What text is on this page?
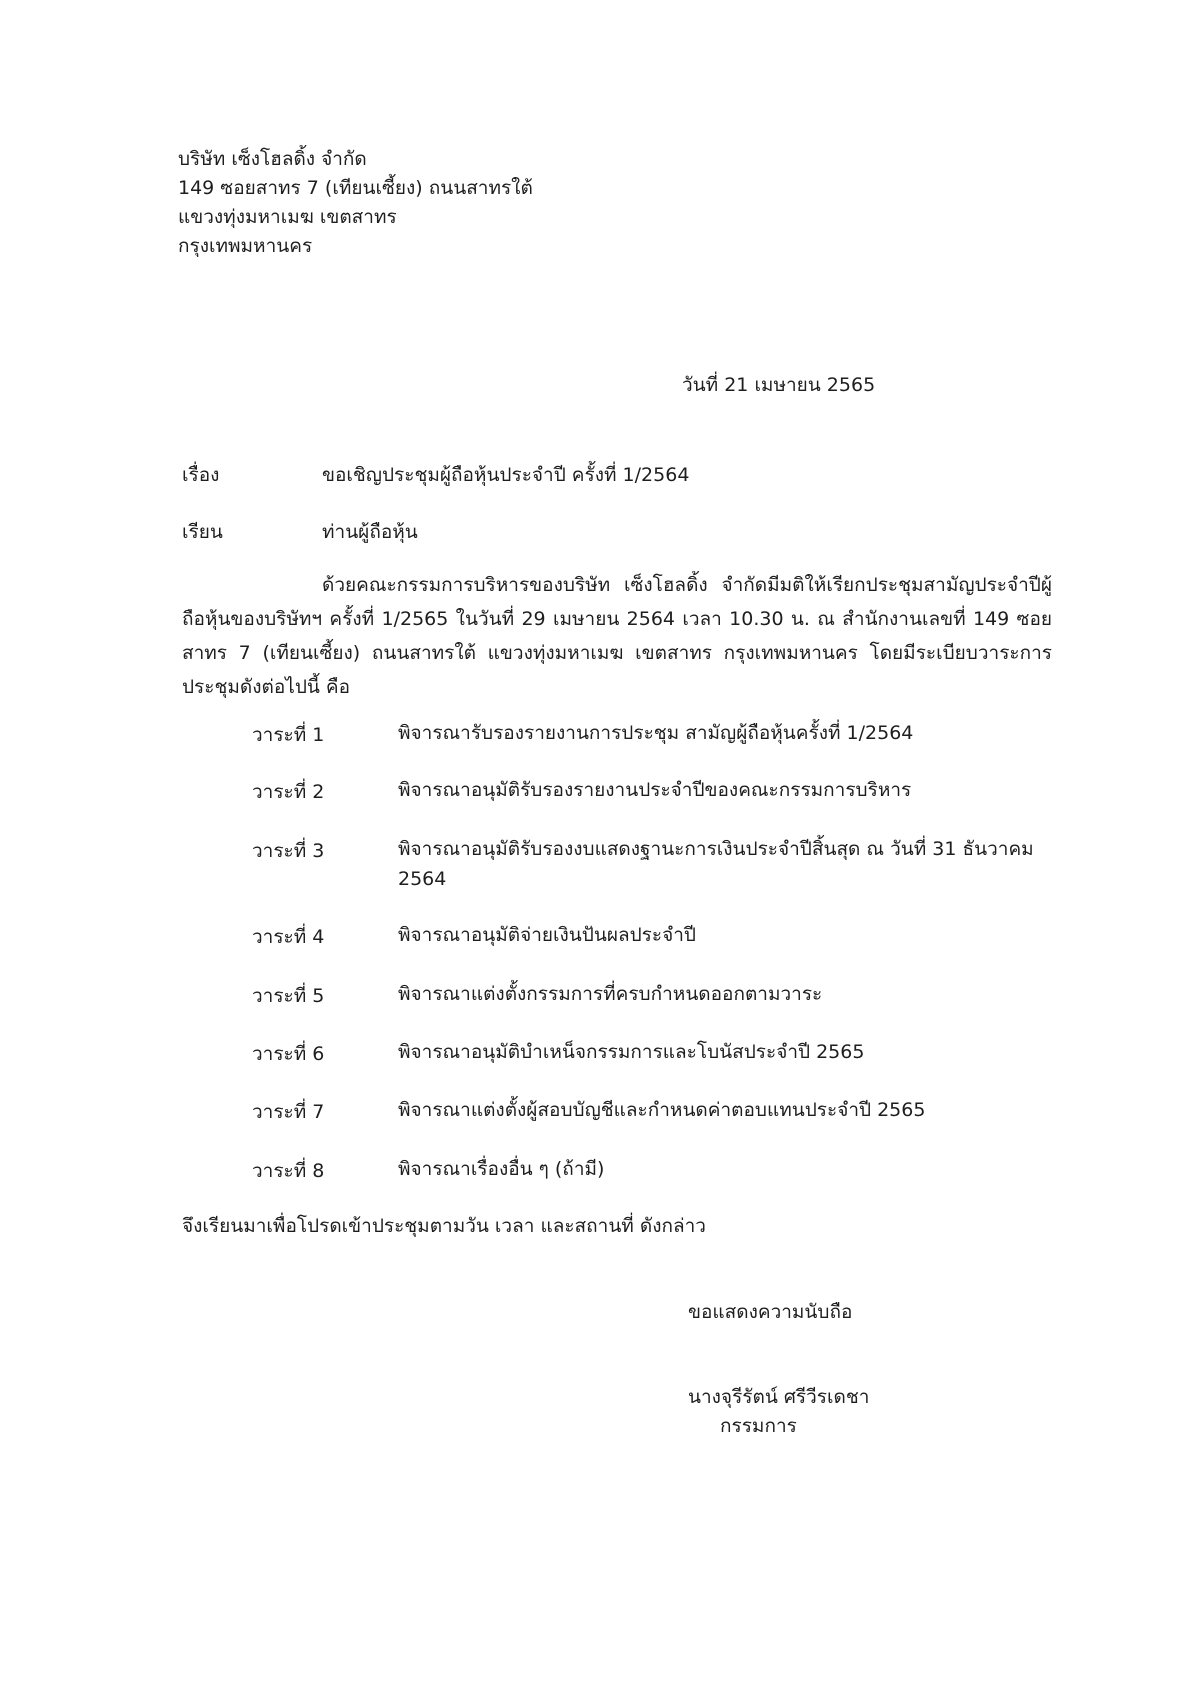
บริษัท เซ็งโฮลดิ้ง จำกัด
149 ซอยสาทร 7 (เทียนเซี้ยง) ถนนสาทรใต้
แขวงทุ่งมหาเมฆ เขตสาทร
กรุงเทพมหานคร
วันที่ 21 เมษายน 2565
เรื่อง	ขอเชิญประชุมผู้ถือหุ้นประจำปี ครั้งที่ 1/2564
เรียน	ท่านผู้ถือหุ้น
ด้วยคณะกรรมการบริหารของบริษัท เซ็งโฮลดิ้ง จำกัดมีมติให้เรียกประชุมสามัญประจำปีผู้ถือหุ้นของบริษัทฯ ครั้งที่ 1/2565 ในวันที่ 29 เมษายน 2564 เวลา 10.30 น. ณ สำนักงานเลขที่ 149 ซอยสาทร 7 (เทียนเซี้ยง) ถนนสาทรใต้ แขวงทุ่งมหาเมฆ เขตสาทร กรุงเทพมหานคร โดยมีระเบียบวาระการประชุมดังต่อไปนี้ คือ
วาระที่ 1	พิจารณารับรองรายงานการประชุม สามัญผู้ถือหุ้นครั้งที่ 1/2564
วาระที่ 2	พิจารณาอนุมัติรับรองรายงานประจำปีของคณะกรรมการบริหาร
วาระที่ 3	พิจารณาอนุมัติรับรองงบแสดงฐานะการเงินประจำปีสิ้นสุด ณ วันที่ 31 ธันวาคม 2564
วาระที่ 4	พิจารณาอนุมัติจ่ายเงินปันผลประจำปี
วาระที่ 5	พิจารณาแต่งตั้งกรรมการที่ครบกำหนดออกตามวาระ
วาระที่ 6	พิจารณาอนุมัติบำเหน็จกรรมการและโบนัสประจำปี 2565
วาระที่ 7	พิจารณาแต่งตั้งผู้สอบบัญชีและกำหนดค่าตอบแทนประจำปี 2565
วาระที่ 8	พิจารณาเรื่องอื่น ๆ (ถ้ามี)
จึงเรียนมาเพื่อโปรดเข้าประชุมตามวัน เวลา และสถานที่ ดังกล่าว
ขอแสดงความนับถือ
นางจุรีรัตน์ ศรีวีรเดชา
กรรมการ
